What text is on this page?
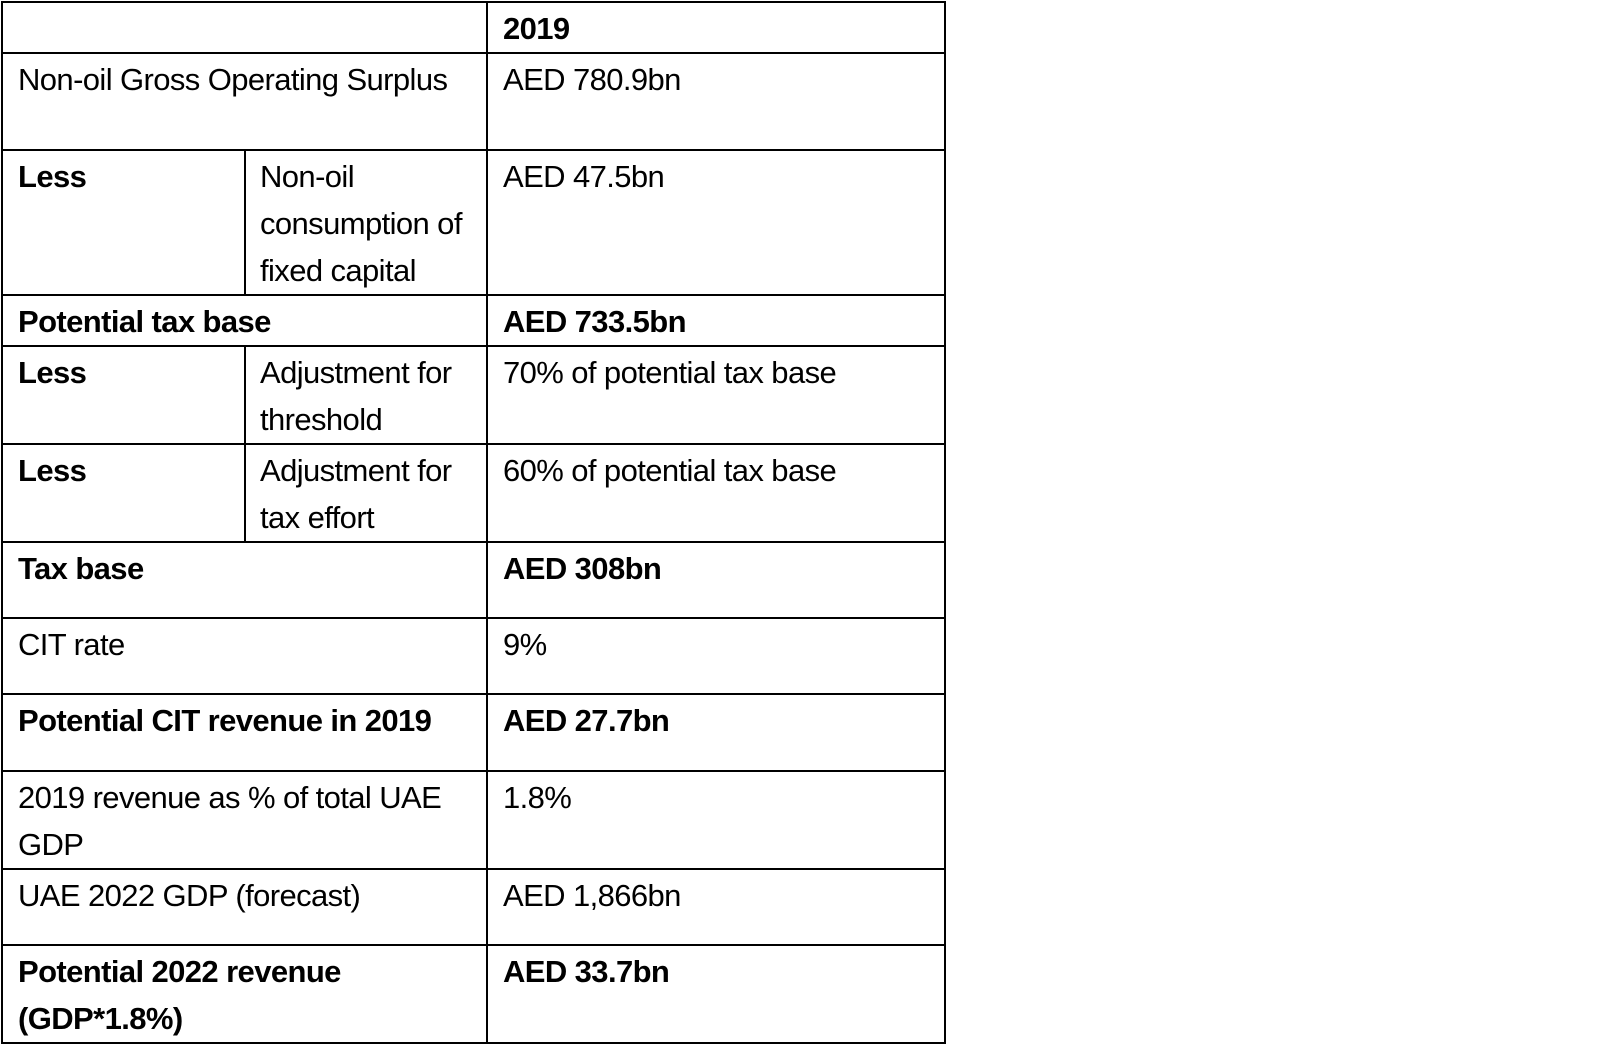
		2019
Non-oil Gross Operating Surplus		AED 780.9bn
Less	Non-oil consumption of fixed capital	AED 47.5bn
Potential tax base		AED 733.5bn
Less	Adjustment for threshold	70% of potential tax base
Less	Adjustment for tax effort	60% of potential tax base
Tax base		AED 308bn
CIT rate		9%
Potential CIT revenue in 2019		AED 27.7bn
2019 revenue as % of total UAE GDP		1.8%
UAE 2022 GDP (forecast)		AED 1,866bn
Potential 2022 revenue (GDP*1.8%)		AED 33.7bn
